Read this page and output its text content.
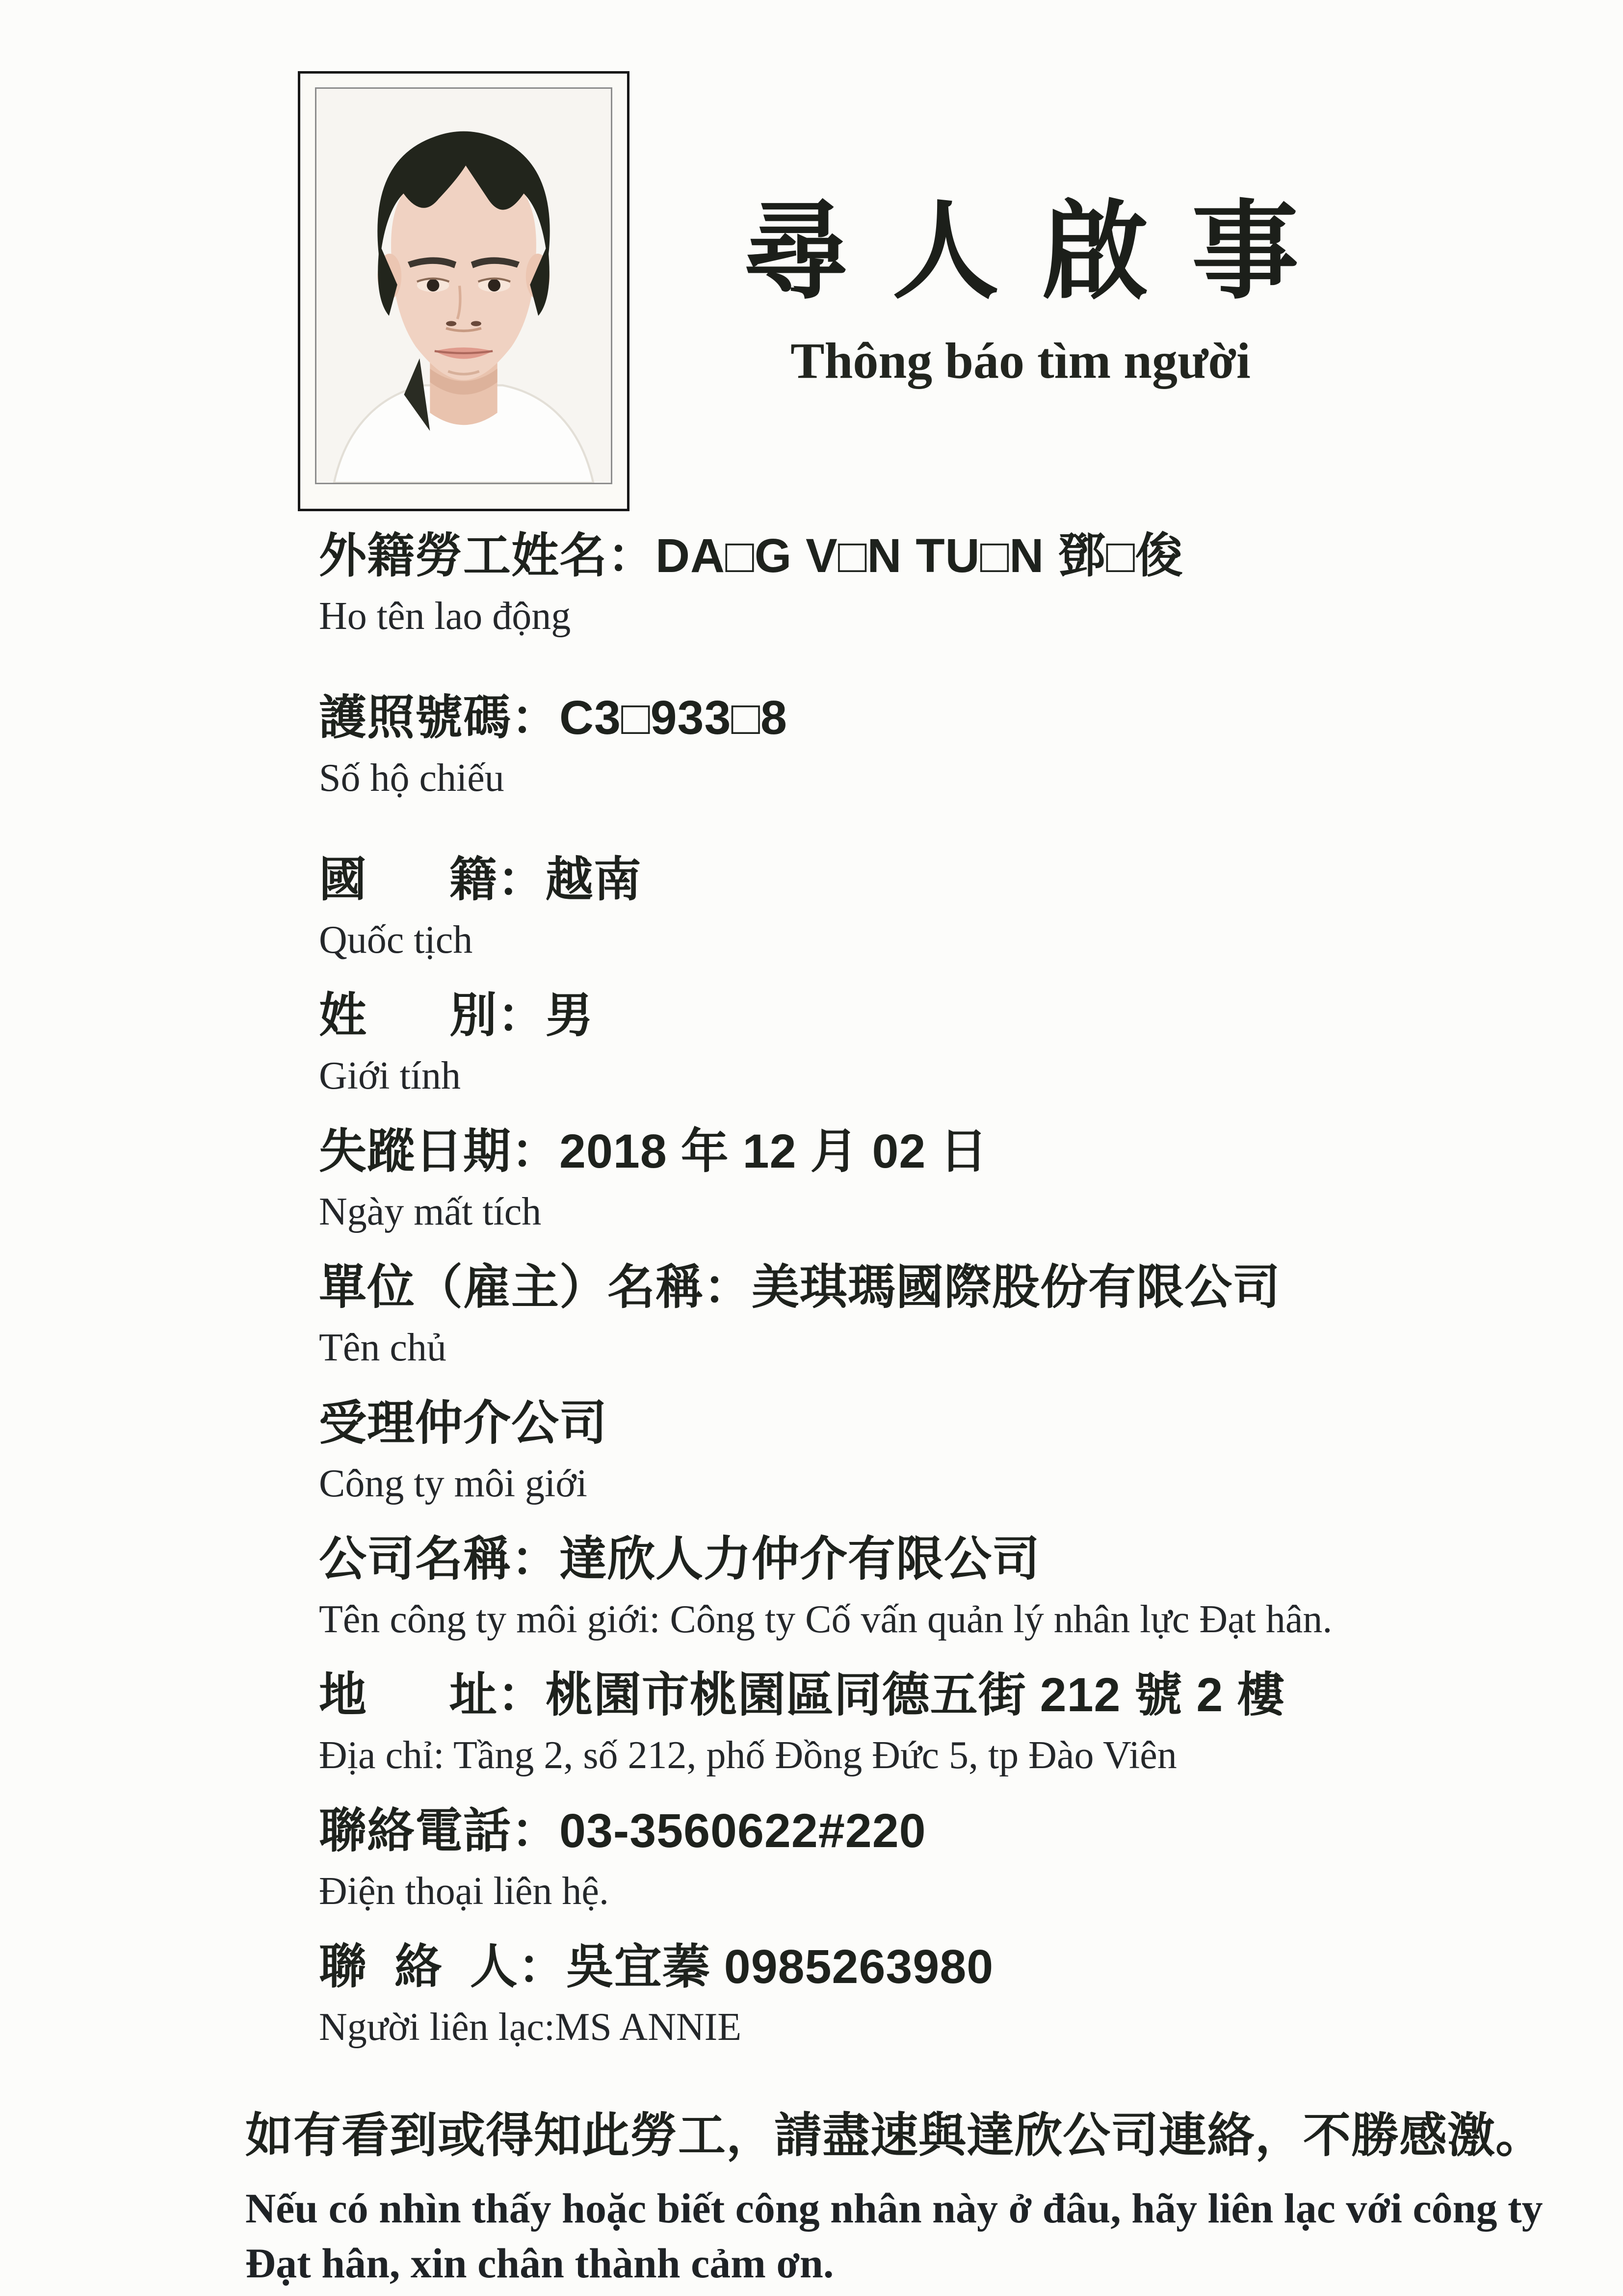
尋人啟事
Thông báo tìm người
外籍勞工姓名：DA□G V□N TU□N 鄧□俊
Ho tên lao động
護照號碼：C3□933□8
Số hộ chiếu
國      籍：越南
Quốc tịch
姓      別：男
Giới tính
失蹤日期：2018 年 12 月 02 日
Ngày mất tích
單位（雇主）名稱：美琪瑪國際股份有限公司
Tên chủ
受理仲介公司
Công ty môi giới
公司名稱：達欣人力仲介有限公司
Tên công ty môi giới: Công ty Cố vấn quản lý nhân lực Đạt hân.
地      址：桃園市桃園區同德五街 212 號 2 樓
Địa chỉ: Tầng 2, số 212, phố Đồng Đức 5, tp Đào Viên
聯絡電話：03-3560622#220
Điện thoại liên hệ.
聯  絡  人：吳宜蓁 0985263980
Người liên lạc:MS ANNIE
如有看到或得知此勞工，請盡速與達欣公司連絡，不勝感激。
Nếu có nhìn thấy hoặc biết công nhân này ở đâu, hãy liên lạc với công ty Đạt hân, xin chân thành cảm ơn.
